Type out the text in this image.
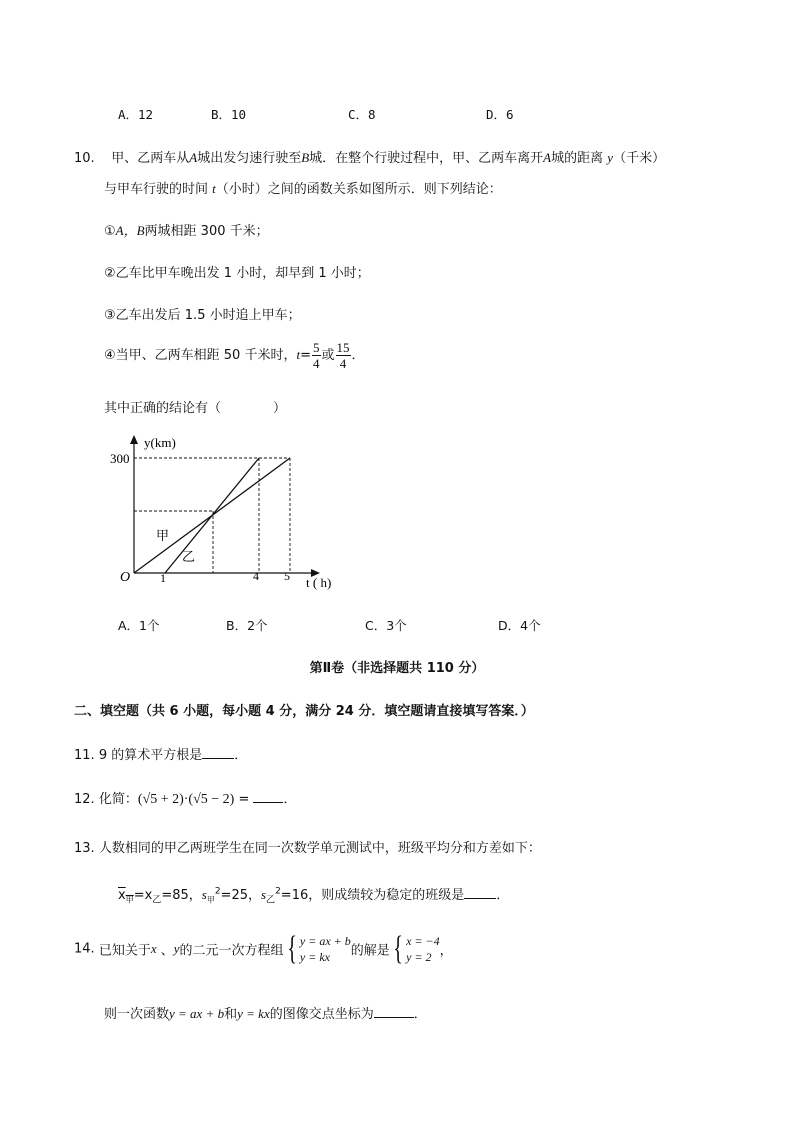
A．12	B．10	C．8	D．6
10. 甲、乙两车从A城出发匀速行驶至B城．在整个行驶过程中，甲、乙两车离开A城的距离 y（千米）
与甲车行驶的时间 t（小时）之间的函数关系如图所示．则下列结论：
①A，B两城相距 300 千米；
②乙车比甲车晚出发 1 小时，却早到 1 小时；
③乙车出发后 1.5 小时追上甲车；
④当甲、乙两车相距 50 千米时，$t= \frac{5}{4}$ 或 $\frac{15}{4}$ ．
其中正确的结论有（　　　　）
y(km)
300
O 1	4 5 t ( h)
甲
乙
A．1个	B．2个	C．3个	D．4个
第Ⅱ卷（非选择题共 110 分）
二、填空题（共 6 小题，每小题 4 分，满分 24 分．填空题请直接填写答案．）
11. 9 的算术平方根是 ．
12. 化简：(√5 + 2)·(√5 − 2) =	．
13. 人数相同的甲乙两班学生在同一次数学单元测试中，班级平均分和方差如下：
$x_甲=x_乙=85$，$s_甲^2=25$，$s_乙^2=16$，则成绩较为稳定的班级是 ．
14. 已知关于x 、y的二元一次方程组{ y = ax + b
y = kx	的解是{ x = −4
y = 2 ，
则一次函数y = ax + b和y = kx的图像交点坐标为	．
